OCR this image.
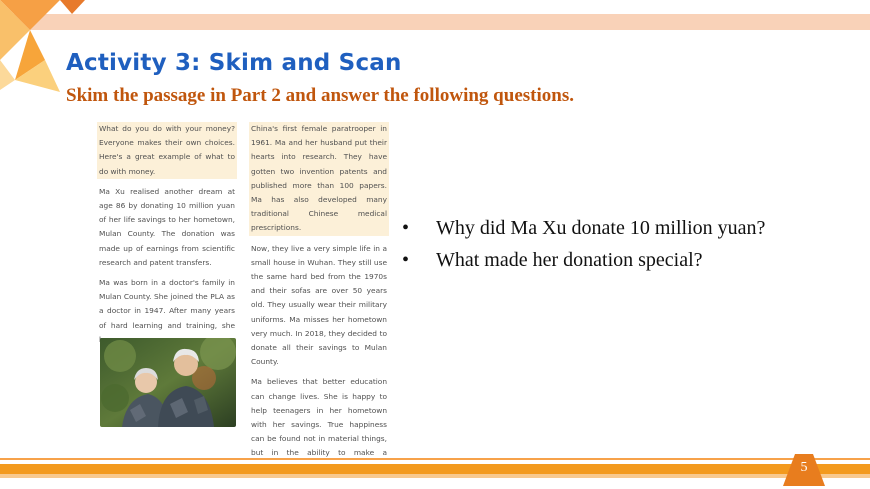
Activity 3: Skim and Scan
Skim the passage in Part 2 and answer the following questions.

What do you do with your money? Everyone makes their own choices. Here's a great example of what to do with money.

Ma Xu realised another dream at age 86 by donating 10 million yuan of her life savings to her hometown, Mulan County. The donation was made up of earnings from scientific research and patent transfers.

Ma was born in a doctor's family in Mulan County. She joined the PLA as a doctor in 1947. After many years of hard learning and training, she

China's first female paratrooper in 1961. Ma and her husband put their hearts into research. They have gotten two invention patents and published more than 100 papers. Ma has also developed many traditional Chinese medical prescriptions.

Now, they live a very simple life in a small house in Wuhan. They still use the same hard bed from the 1970s and their sofas are over 50 years old. They usually wear their military uniforms. Ma misses her hometown very much. In 2018, they decided to donate all their savings to Mulan County.

Ma believes that better education can change lives. She is happy to help teenagers in her hometown with her savings. True happiness can be found not in material things, but in the ability to make a

• Why did Ma Xu donate 10 million yuan?
• What made her donation special?
5
